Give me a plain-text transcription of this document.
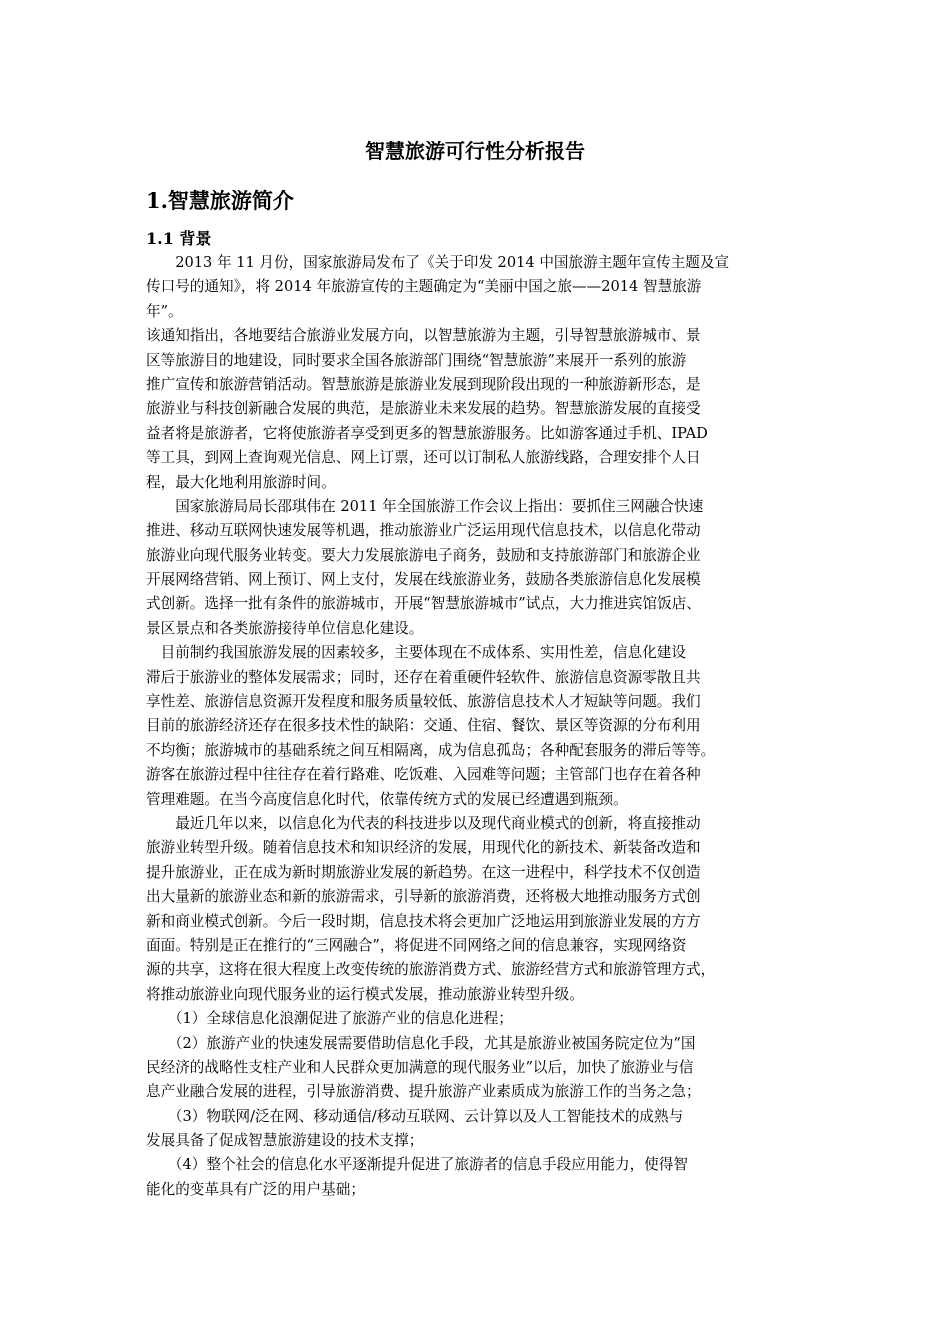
智慧旅游可行性分析报告
1.智慧旅游简介
1.1 背景
　　2013 年 11 月份，国家旅游局发布了《关于印发 2014 中国旅游主题年宣传主题及宣
传口号的通知》，将 2014 年旅游宣传的主题确定为“美丽中国之旅——2014 智慧旅游
年”。
该通知指出，各地要结合旅游业发展方向，以智慧旅游为主题，引导智慧旅游城市、景
区等旅游目的地建设，同时要求全国各旅游部门围绕“智慧旅游”来展开一系列的旅游
推广宣传和旅游营销活动。智慧旅游是旅游业发展到现阶段出现的一种旅游新形态，是
旅游业与科技创新融合发展的典范，是旅游业未来发展的趋势。智慧旅游发展的直接受
益者将是旅游者，它将使旅游者享受到更多的智慧旅游服务。比如游客通过手机、IPAD
等工具，到网上查询观光信息、网上订票，还可以订制私人旅游线路，合理安排个人日
程，最大化地利用旅游时间。
　　国家旅游局局长邵琪伟在 2011 年全国旅游工作会议上指出：要抓住三网融合快速
推进、移动互联网快速发展等机遇，推动旅游业广泛运用现代信息技术，以信息化带动
旅游业向现代服务业转变。要大力发展旅游电子商务，鼓励和支持旅游部门和旅游企业
开展网络营销、网上预订、网上支付，发展在线旅游业务，鼓励各类旅游信息化发展模
式创新。选择一批有条件的旅游城市，开展“智慧旅游城市”试点，大力推进宾馆饭店、
景区景点和各类旅游接待单位信息化建设。
　目前制约我国旅游发展的因素较多，主要体现在不成体系、实用性差，信息化建设
滞后于旅游业的整体发展需求；同时，还存在着重硬件轻软件、旅游信息资源零散且共
享性差、旅游信息资源开发程度和服务质量较低、旅游信息技术人才短缺等问题。我们
目前的旅游经济还存在很多技术性的缺陷：交通、住宿、餐饮、景区等资源的分布利用
不均衡；旅游城市的基础系统之间互相隔离，成为信息孤岛；各种配套服务的滞后等等。
游客在旅游过程中往往存在着行路难、吃饭难、入园难等问题；主管部门也存在着各种
管理难题。在当今高度信息化时代，依靠传统方式的发展已经遭遇到瓶颈。
　　最近几年以来，以信息化为代表的科技进步以及现代商业模式的创新，将直接推动
旅游业转型升级。随着信息技术和知识经济的发展，用现代化的新技术、新装备改造和
提升旅游业，正在成为新时期旅游业发展的新趋势。在这一进程中，科学技术不仅创造
出大量新的旅游业态和新的旅游需求，引导新的旅游消费，还将极大地推动服务方式创
新和商业模式创新。今后一段时期，信息技术将会更加广泛地运用到旅游业发展的方方
面面。特别是正在推行的“三网融合”，将促进不同网络之间的信息兼容，实现网络资
源的共享，这将在很大程度上改变传统的旅游消费方式、旅游经营方式和旅游管理方式，
将推动旅游业向现代服务业的运行模式发展，推动旅游业转型升级。
　　（1）全球信息化浪潮促进了旅游产业的信息化进程；
　　（2）旅游产业的快速发展需要借助信息化手段，尤其是旅游业被国务院定位为“国
民经济的战略性支柱产业和人民群众更加满意的现代服务业”以后，加快了旅游业与信
息产业融合发展的进程，引导旅游消费、提升旅游产业素质成为旅游工作的当务之急；
　　（3）物联网/泛在网、移动通信/移动互联网、云计算以及人工智能技术的成熟与
发展具备了促成智慧旅游建设的技术支撑；
　　（4）整个社会的信息化水平逐渐提升促进了旅游者的信息手段应用能力，使得智
能化的变革具有广泛的用户基础；
